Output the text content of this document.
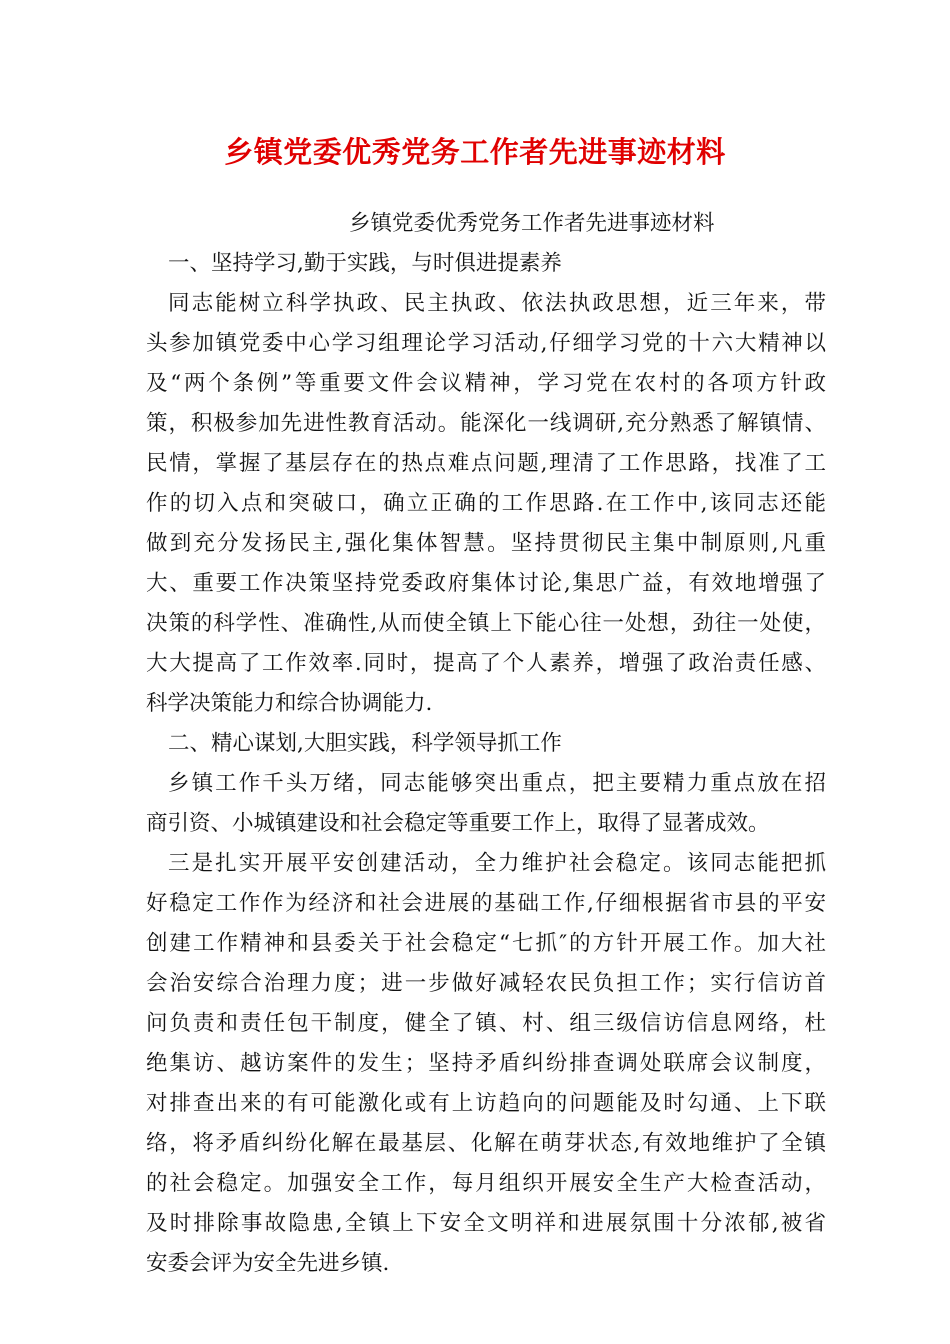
乡镇党委优秀党务工作者先进事迹材料
乡镇党委优秀党务工作者先进事迹材料
一、坚持学习,勤于实践，与时俱进提素养
同志能树立科学执政、民主执政、依法执政思想，近三年来，带
头参加镇党委中心学习组理论学习活动,仔细学习党的十六大精神以
及“两个条例”等重要文件会议精神，学习党在农村的各项方针政
策，积极参加先进性教育活动。能深化一线调研,充分熟悉了解镇情、
民情，掌握了基层存在的热点难点问题,理清了工作思路，找准了工
作的切入点和突破口，确立正确的工作思路.在工作中,该同志还能
做到充分发扬民主,强化集体智慧。坚持贯彻民主集中制原则,凡重
大、重要工作决策坚持党委政府集体讨论,集思广益，有效地增强了
决策的科学性、准确性,从而使全镇上下能心往一处想，劲往一处使，
大大提高了工作效率.同时，提高了个人素养，增强了政治责任感、
科学决策能力和综合协调能力.
二、精心谋划,大胆实践，科学领导抓工作
乡镇工作千头万绪，同志能够突出重点，把主要精力重点放在招
商引资、小城镇建设和社会稳定等重要工作上，取得了显著成效。
三是扎实开展平安创建活动，全力维护社会稳定。该同志能把抓
好稳定工作作为经济和社会进展的基础工作,仔细根据省市县的平安
创建工作精神和县委关于社会稳定“七抓″的方针开展工作。加大社
会治安综合治理力度；进一步做好减轻农民负担工作；实行信访首
问负责和责任包干制度，健全了镇、村、组三级信访信息网络，杜
绝集访、越访案件的发生；坚持矛盾纠纷排查调处联席会议制度，
对排查出来的有可能激化或有上访趋向的问题能及时勾通、上下联
络，将矛盾纠纷化解在最基层、化解在萌芽状态,有效地维护了全镇
的社会稳定。加强安全工作，每月组织开展安全生产大检查活动，
及时排除事故隐患,全镇上下安全文明祥和进展氛围十分浓郁,被省
安委会评为安全先进乡镇.
